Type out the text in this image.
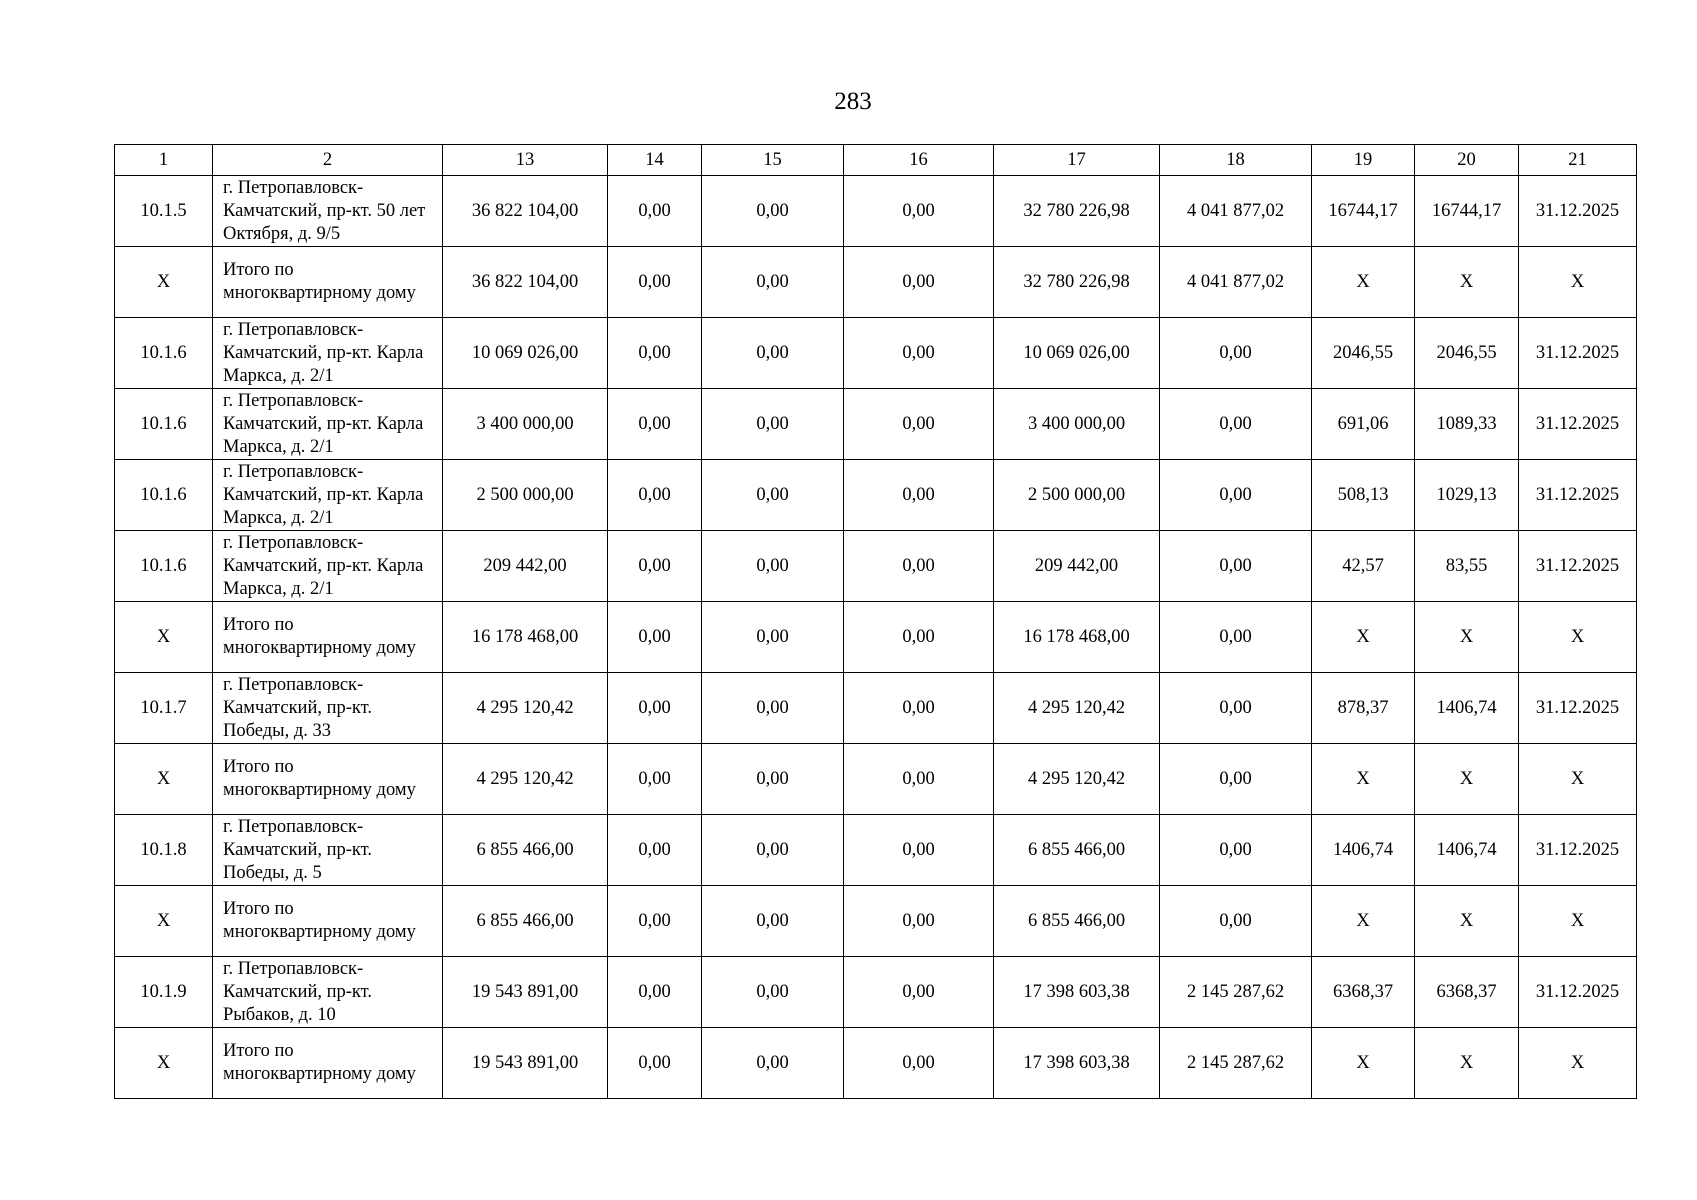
283
1	2	13	14	15	16	17	18	19	20	21
10.1.5	г. Петропавловск-Камчатский, пр-кт. 50 лет Октября, д. 9/5	36 822 104,00	0,00	0,00	0,00	32 780 226,98	4 041 877,02	16744,17	16744,17	31.12.2025
X	Итого по многоквартирному дому	36 822 104,00	0,00	0,00	0,00	32 780 226,98	4 041 877,02	X	X	X
10.1.6	г. Петропавловск-Камчатский, пр-кт. Карла Маркса, д. 2/1	10 069 026,00	0,00	0,00	0,00	10 069 026,00	0,00	2046,55	2046,55	31.12.2025
10.1.6	г. Петропавловск-Камчатский, пр-кт. Карла Маркса, д. 2/1	3 400 000,00	0,00	0,00	0,00	3 400 000,00	0,00	691,06	1089,33	31.12.2025
10.1.6	г. Петропавловск-Камчатский, пр-кт. Карла Маркса, д. 2/1	2 500 000,00	0,00	0,00	0,00	2 500 000,00	0,00	508,13	1029,13	31.12.2025
10.1.6	г. Петропавловск-Камчатский, пр-кт. Карла Маркса, д. 2/1	209 442,00	0,00	0,00	0,00	209 442,00	0,00	42,57	83,55	31.12.2025
X	Итого по многоквартирному дому	16 178 468,00	0,00	0,00	0,00	16 178 468,00	0,00	X	X	X
10.1.7	г. Петропавловск-Камчатский, пр-кт. Победы, д. 33	4 295 120,42	0,00	0,00	0,00	4 295 120,42	0,00	878,37	1406,74	31.12.2025
X	Итого по многоквартирному дому	4 295 120,42	0,00	0,00	0,00	4 295 120,42	0,00	X	X	X
10.1.8	г. Петропавловск-Камчатский, пр-кт. Победы, д. 5	6 855 466,00	0,00	0,00	0,00	6 855 466,00	0,00	1406,74	1406,74	31.12.2025
X	Итого по многоквартирному дому	6 855 466,00	0,00	0,00	0,00	6 855 466,00	0,00	X	X	X
10.1.9	г. Петропавловск-Камчатский, пр-кт. Рыбаков, д. 10	19 543 891,00	0,00	0,00	0,00	17 398 603,38	2 145 287,62	6368,37	6368,37	31.12.2025
X	Итого по многоквартирному дому	19 543 891,00	0,00	0,00	0,00	17 398 603,38	2 145 287,62	X	X	X
